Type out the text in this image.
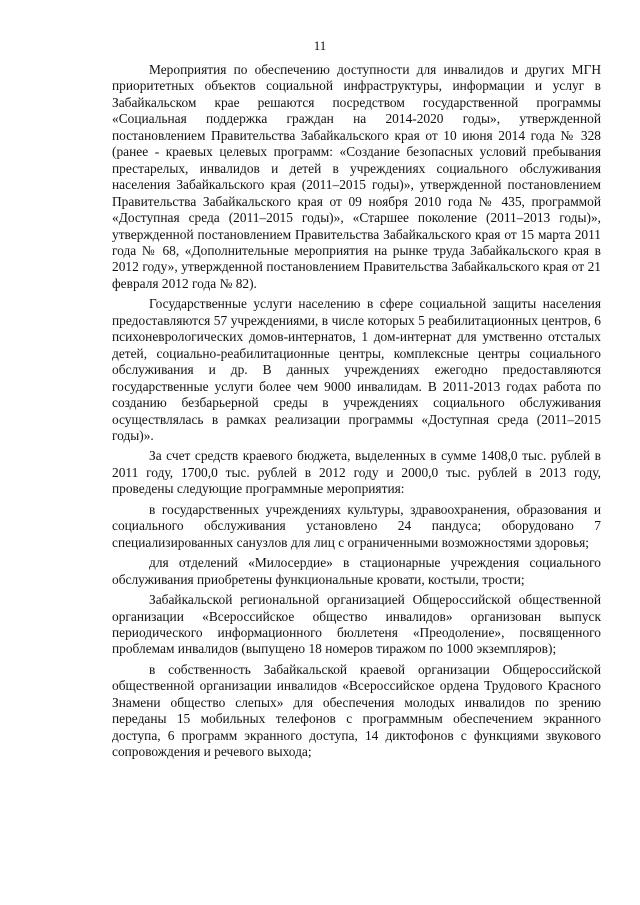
11

Мероприятия по обеспечению доступности для инвалидов и других МГН приоритетных объектов социальной инфраструктуры, информации и услуг в Забайкальском крае решаются посредством государственной программы «Социальная поддержка граждан на 2014-2020 годы», утвержденной постановлением Правительства Забайкальского края от 10 июня 2014 года № 328 (ранее - краевых целевых программ: «Создание безопасных условий пребывания престарелых, инвалидов и детей в учреждениях социального обслуживания населения Забайкальского края (2011–2015 годы)», утвержденной постановлением Правительства Забайкальского края от 09 ноября 2010 года № 435, программой «Доступная среда (2011–2015 годы)», «Старшее поколение (2011–2013 годы)», утвержденной постановлением Правительства Забайкальского края от 15 марта 2011 года № 68, «Дополнительные мероприятия на рынке труда Забайкальского края в 2012 году», утвержденной постановлением Правительства Забайкальского края от 21 февраля 2012 года № 82).

Государственные услуги населению в сфере социальной защиты населения предоставляются 57 учреждениями, в числе которых 5 реабилитационных центров, 6 психоневрологических домов-интернатов, 1 дом-интернат для умственно отсталых детей, социально-реабилитационные центры, комплексные центры социального обслуживания и др. В данных учреждениях ежегодно предоставляются государственные услуги более чем 9000 инвалидам. В 2011-2013 годах работа по созданию безбарьерной среды в учреждениях социального обслуживания осуществлялась в рамках реализации программы «Доступная среда (2011–2015 годы)».

За счет средств краевого бюджета, выделенных в сумме 1408,0 тыс. рублей в 2011 году, 1700,0 тыс. рублей в 2012 году и 2000,0 тыс. рублей в 2013 году, проведены следующие программные мероприятия:

в государственных учреждениях культуры, здравоохранения, образования и социального обслуживания установлено 24 пандуса; оборудовано 7 специализированных санузлов для лиц с ограниченными возможностями здоровья;

для отделений «Милосердие» в стационарные учреждения социального обслуживания приобретены функциональные кровати, костыли, трости;

Забайкальской региональной организацией Общероссийской общественной организации «Всероссийское общество инвалидов» организован выпуск периодического информационного бюллетеня «Преодоление», посвященного проблемам инвалидов (выпущено 18 номеров тиражом по 1000 экземпляров);

в собственность Забайкальской краевой организации Общероссийской общественной организации инвалидов «Всероссийское ордена Трудового Красного Знамени общество слепых» для обеспечения молодых инвалидов по зрению переданы 15 мобильных телефонов с программным обеспечением экранного доступа, 6 программ экранного доступа, 14 диктофонов с функциями звукового сопровождения и речевого выхода;
